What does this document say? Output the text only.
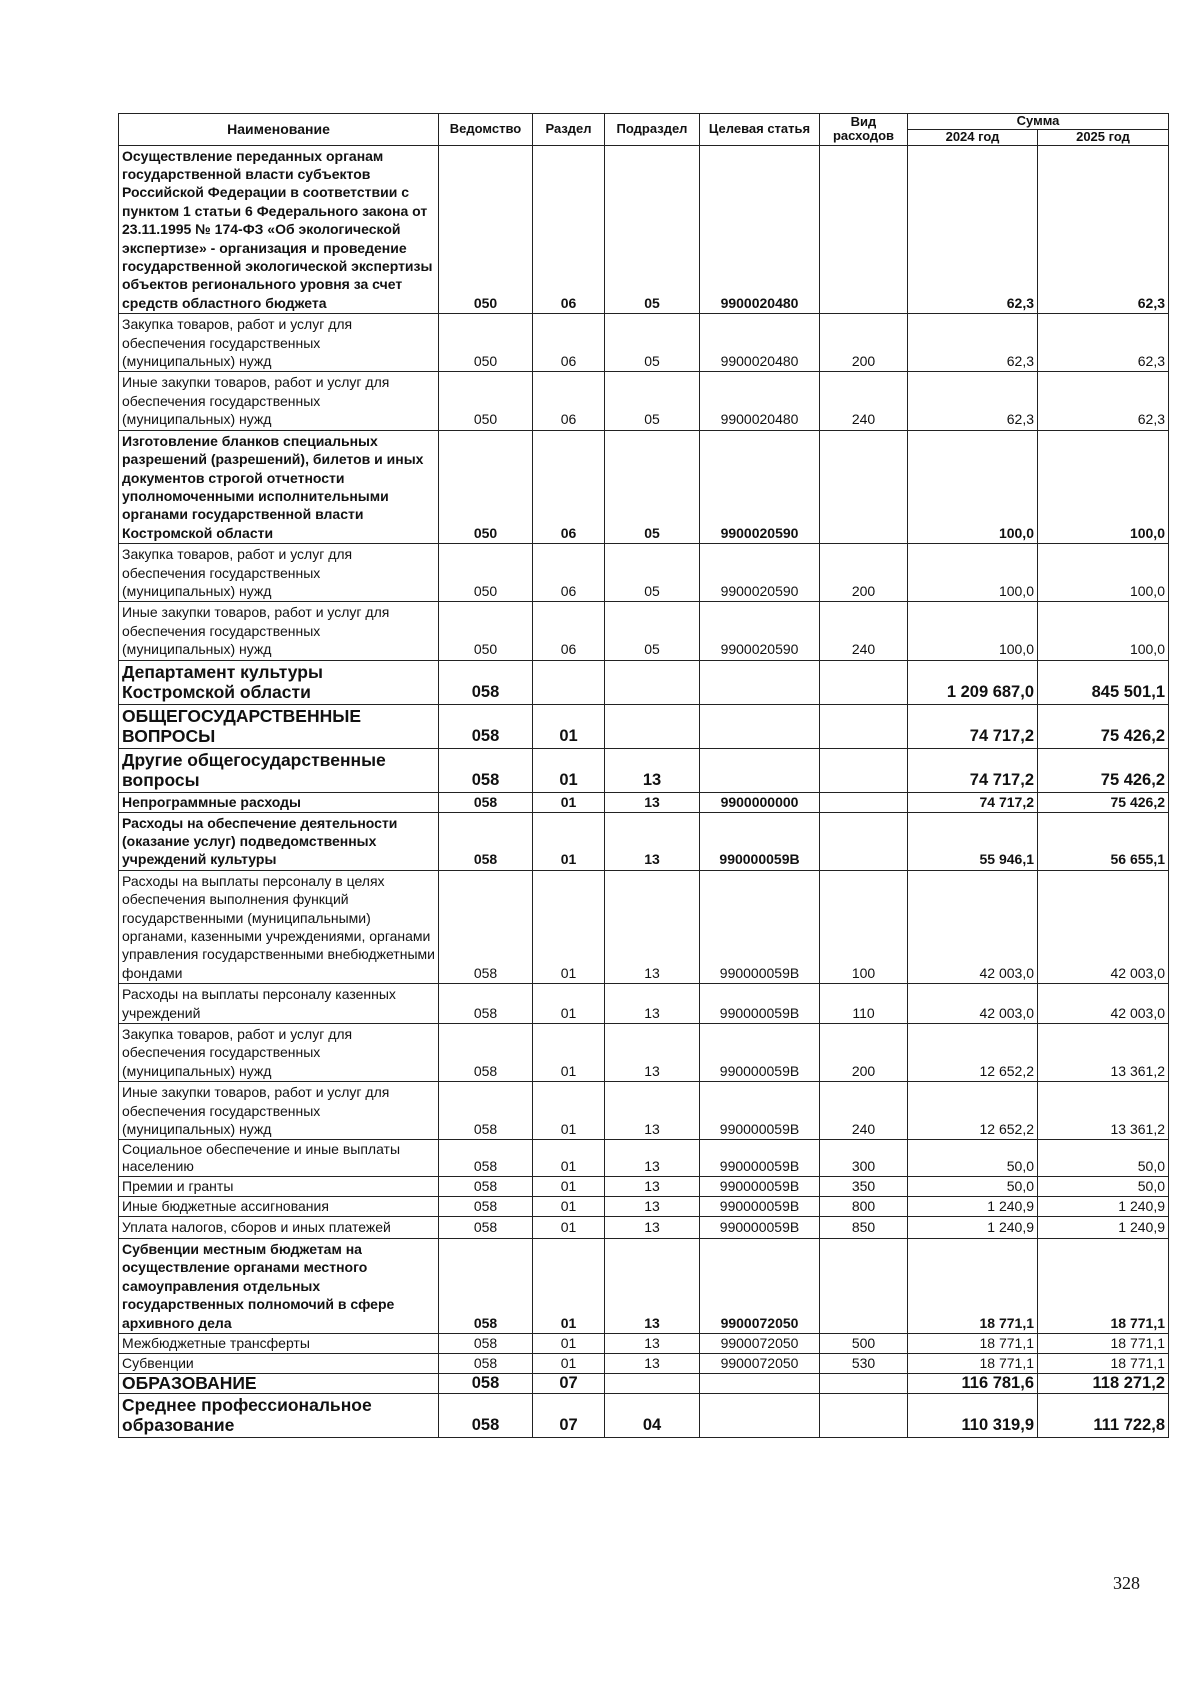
Наименование	Ведомство	Раздел	Подраздел	Целевая статья	Вид расходов	Сумма	
						2024 год	2025 год
Осуществление переданных органам государственной власти субъектов Российской Федерации в соответствии с пунктом 1 статьи 6 Федерального закона от 23.11.1995 № 174-ФЗ «Об экологической экспертизе» - организация и проведение государственной экологической экспертизы объектов регионального уровня за счет средств областного бюджета	050	06	05	9900020480		62,3	62,3
Закупка товаров, работ и услуг для обеспечения государственных (муниципальных) нужд	050	06	05	9900020480	200	62,3	62,3
Иные закупки товаров, работ и услуг для обеспечения государственных (муниципальных) нужд	050	06	05	9900020480	240	62,3	62,3
Изготовление бланков специальных разрешений (разрешений), билетов и иных документов строгой отчетности уполномоченными исполнительными органами государственной власти Костромской области	050	06	05	9900020590		100,0	100,0
Закупка товаров, работ и услуг для обеспечения государственных (муниципальных) нужд	050	06	05	9900020590	200	100,0	100,0
Иные закупки товаров, работ и услуг для обеспечения государственных (муниципальных) нужд	050	06	05	9900020590	240	100,0	100,0
Департамент культуры Костромской области	058					1 209 687,0	845 501,1
ОБЩЕГОСУДАРСТВЕННЫЕ ВОПРОСЫ	058	01				74 717,2	75 426,2
Другие общегосударственные вопросы	058	01	13			74 717,2	75 426,2
Непрограммные расходы	058	01	13	9900000000		74 717,2	75 426,2
Расходы на обеспечение деятельности (оказание услуг) подведомственных учреждений культуры	058	01	13	990000059В		55 946,1	56 655,1
Расходы на выплаты персоналу в целях обеспечения выполнения функций государственными (муниципальными) органами, казенными учреждениями, органами управления государственными внебюджетными фондами	058	01	13	990000059В	100	42 003,0	42 003,0
Расходы на выплаты персоналу казенных учреждений	058	01	13	990000059В	110	42 003,0	42 003,0
Закупка товаров, работ и услуг для обеспечения государственных (муниципальных) нужд	058	01	13	990000059В	200	12 652,2	13 361,2
Иные закупки товаров, работ и услуг для обеспечения государственных (муниципальных) нужд	058	01	13	990000059В	240	12 652,2	13 361,2
Социальное обеспечение и иные выплаты населению	058	01	13	990000059В	300	50,0	50,0
Премии и гранты	058	01	13	990000059В	350	50,0	50,0
Иные бюджетные ассигнования	058	01	13	990000059В	800	1 240,9	1 240,9
Уплата налогов, сборов и иных платежей	058	01	13	990000059В	850	1 240,9	1 240,9
Субвенции местным бюджетам на осуществление органами местного самоуправления отдельных государственных полномочий в сфере архивного дела	058	01	13	9900072050		18 771,1	18 771,1
Межбюджетные трансферты	058	01	13	9900072050	500	18 771,1	18 771,1
Субвенции	058	01	13	9900072050	530	18 771,1	18 771,1
ОБРАЗОВАНИЕ	058	07				116 781,6	118 271,2
Среднее профессиональное образование	058	07	04			110 319,9	111 722,8
328
